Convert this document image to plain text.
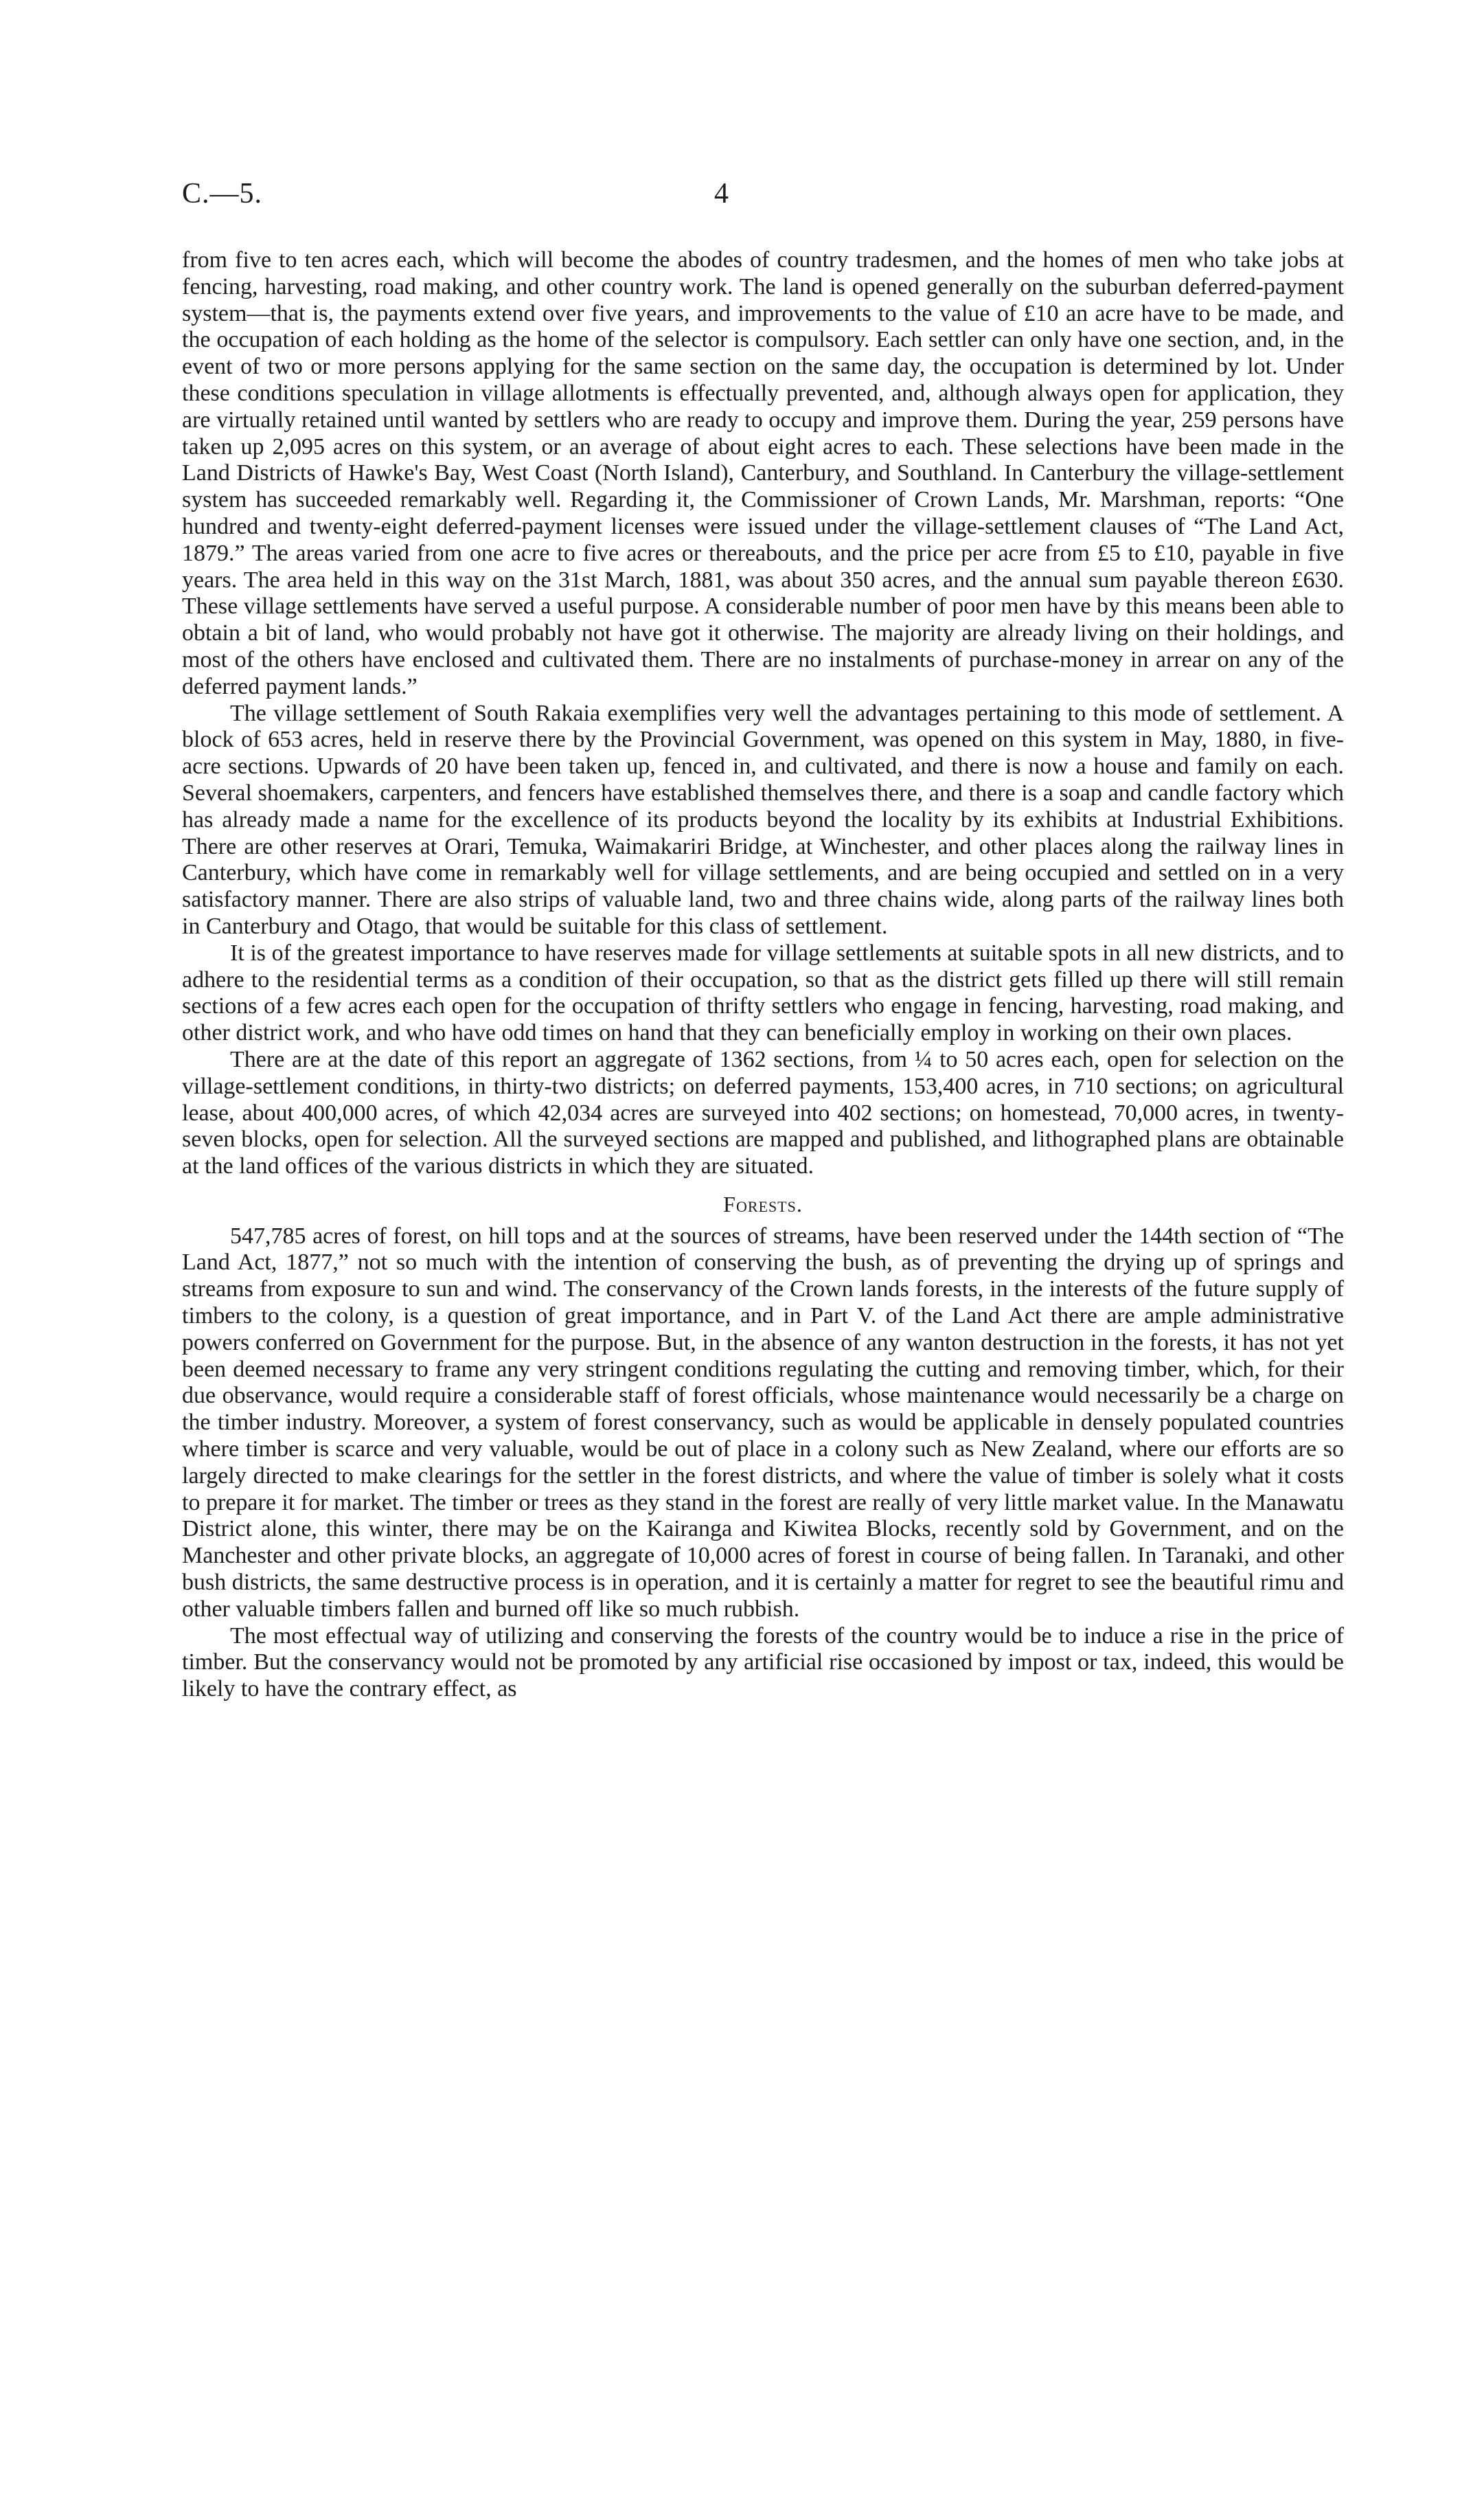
C.—5.	4

from five to ten acres each, which will become the abodes of country tradesmen, and the homes of men who take jobs at fencing, harvesting, road making, and other country work. The land is opened generally on the suburban deferred-payment system—that is, the payments extend over five years, and improvements to the value of £10 an acre have to be made, and the occupation of each holding as the home of the selector is compulsory. Each settler can only have one section, and, in the event of two or more persons applying for the same section on the same day, the occupation is determined by lot. Under these conditions speculation in village allotments is effectually prevented, and, although always open for application, they are virtually retained until wanted by settlers who are ready to occupy and improve them. During the year, 259 persons have taken up 2,095 acres on this system, or an average of about eight acres to each. These selections have been made in the Land Districts of Hawke's Bay, West Coast (North Island), Canterbury, and Southland. In Canterbury the village-settlement system has succeeded remarkably well. Regarding it, the Commissioner of Crown Lands, Mr. Marshman, reports: “One hundred and twenty-eight deferred-payment licenses were issued under the village-settlement clauses of “The Land Act, 1879.” The areas varied from one acre to five acres or thereabouts, and the price per acre from £5 to £10, payable in five years. The area held in this way on the 31st March, 1881, was about 350 acres, and the annual sum payable thereon £630. These village settlements have served a useful purpose. A considerable number of poor men have by this means been able to obtain a bit of land, who would probably not have got it otherwise. The majority are already living on their holdings, and most of the others have enclosed and cultivated them. There are no instalments of purchase-money in arrear on any of the deferred payment lands.”

The village settlement of South Rakaia exemplifies very well the advantages pertaining to this mode of settlement. A block of 653 acres, held in reserve there by the Provincial Government, was opened on this system in May, 1880, in five-acre sections. Upwards of 20 have been taken up, fenced in, and cultivated, and there is now a house and family on each. Several shoemakers, carpenters, and fencers have established themselves there, and there is a soap and candle factory which has already made a name for the excellence of its products beyond the locality by its exhibits at Industrial Exhibitions. There are other reserves at Orari, Temuka, Waimakariri Bridge, at Winchester, and other places along the railway lines in Canterbury, which have come in remarkably well for village settlements, and are being occupied and settled on in a very satisfactory manner. There are also strips of valuable land, two and three chains wide, along parts of the railway lines both in Canterbury and Otago, that would be suitable for this class of settlement.

It is of the greatest importance to have reserves made for village settlements at suitable spots in all new districts, and to adhere to the residential terms as a condition of their occupation, so that as the district gets filled up there will still remain sections of a few acres each open for the occupation of thrifty settlers who engage in fencing, harvesting, road making, and other district work, and who have odd times on hand that they can beneficially employ in working on their own places.

There are at the date of this report an aggregate of 1362 sections, from ¼ to 50 acres each, open for selection on the village-settlement conditions, in thirty-two districts; on deferred payments, 153,400 acres, in 710 sections; on agricultural lease, about 400,000 acres, of which 42,034 acres are surveyed into 402 sections; on homestead, 70,000 acres, in twenty-seven blocks, open for selection. All the surveyed sections are mapped and published, and lithographed plans are obtainable at the land offices of the various districts in which they are situated.

Forests.

547,785 acres of forest, on hill tops and at the sources of streams, have been reserved under the 144th section of “The Land Act, 1877,” not so much with the intention of conserving the bush, as of preventing the drying up of springs and streams from exposure to sun and wind. The conservancy of the Crown lands forests, in the interests of the future supply of timbers to the colony, is a question of great importance, and in Part V. of the Land Act there are ample administrative powers conferred on Government for the purpose. But, in the absence of any wanton destruction in the forests, it has not yet been deemed necessary to frame any very stringent conditions regulating the cutting and removing timber, which, for their due observance, would require a considerable staff of forest officials, whose maintenance would necessarily be a charge on the timber industry. Moreover, a system of forest conservancy, such as would be applicable in densely populated countries where timber is scarce and very valuable, would be out of place in a colony such as New Zealand, where our efforts are so largely directed to make clearings for the settler in the forest districts, and where the value of timber is solely what it costs to prepare it for market. The timber or trees as they stand in the forest are really of very little market value. In the Manawatu District alone, this winter, there may be on the Kairanga and Kiwitea Blocks, recently sold by Government, and on the Manchester and other private blocks, an aggregate of 10,000 acres of forest in course of being fallen. In Taranaki, and other bush districts, the same destructive process is in operation, and it is certainly a matter for regret to see the beautiful rimu and other valuable timbers fallen and burned off like so much rubbish.

The most effectual way of utilizing and conserving the forests of the country would be to induce a rise in the price of timber. But the conservancy would not be promoted by any artificial rise occasioned by impost or tax, indeed, this would be likely to have the contrary effect, as
